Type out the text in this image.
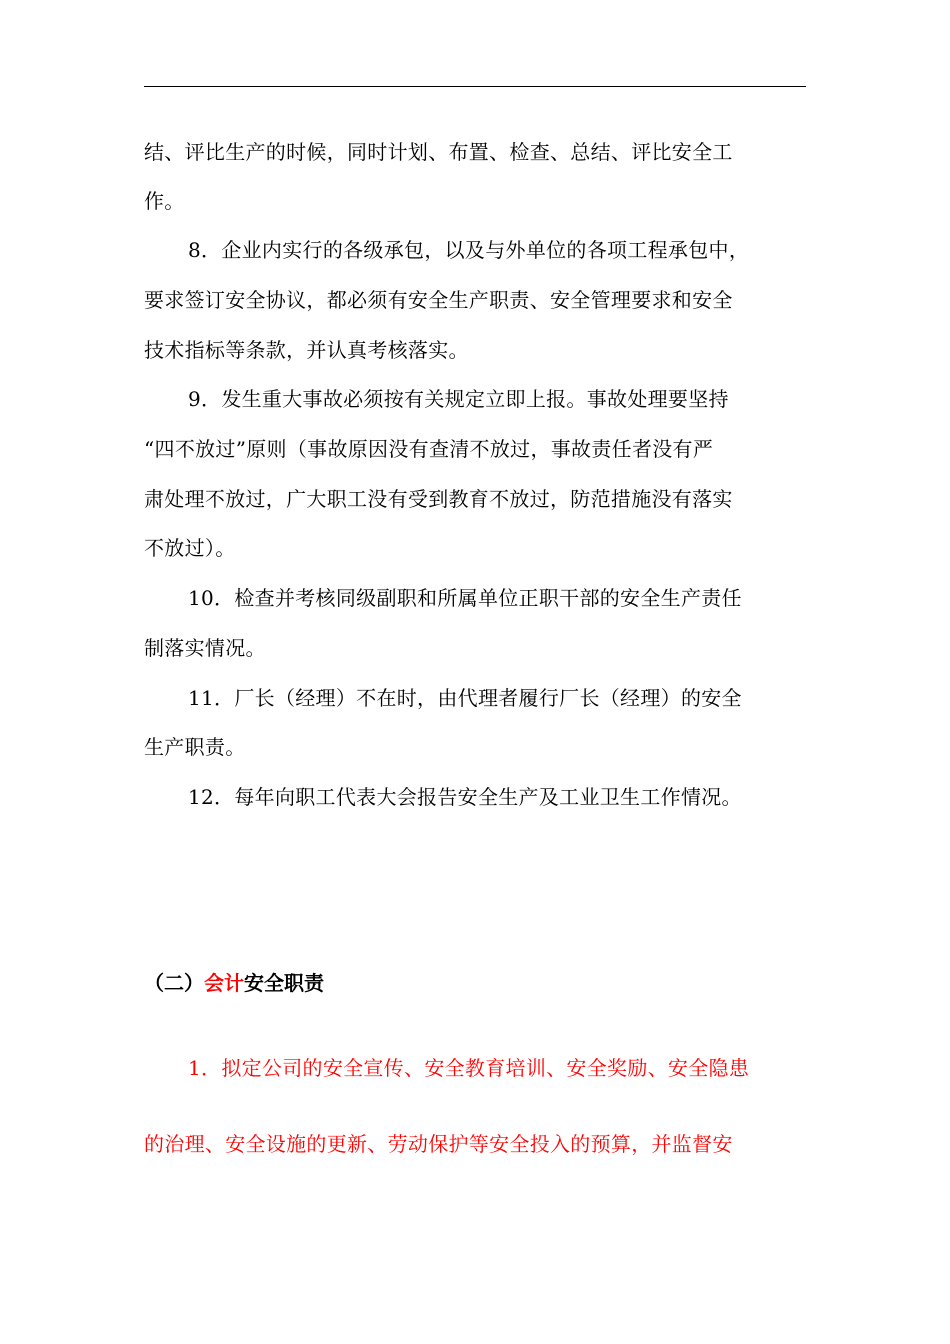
结、评比生产的时候，同时计划、布置、检查、总结、评比安全工
作。
8．企业内实行的各级承包，以及与外单位的各项工程承包中，
要求签订安全协议，都必须有安全生产职责、安全管理要求和安全
技术指标等条款，并认真考核落实。
9．发生重大事故必须按有关规定立即上报。事故处理要坚持
“四不放过”原则（事故原因没有查清不放过，事故责任者没有严
肃处理不放过，广大职工没有受到教育不放过，防范措施没有落实
不放过）。
10．检查并考核同级副职和所属单位正职干部的安全生产责任
制落实情况。
11．厂长（经理）不在时，由代理者履行厂长（经理）的安全
生产职责。
12．每年向职工代表大会报告安全生产及工业卫生工作情况。
（二）会计安全职责
1．拟定公司的安全宣传、安全教育培训、安全奖励、安全隐患
的治理、安全设施的更新、劳动保护等安全投入的预算，并监督安
